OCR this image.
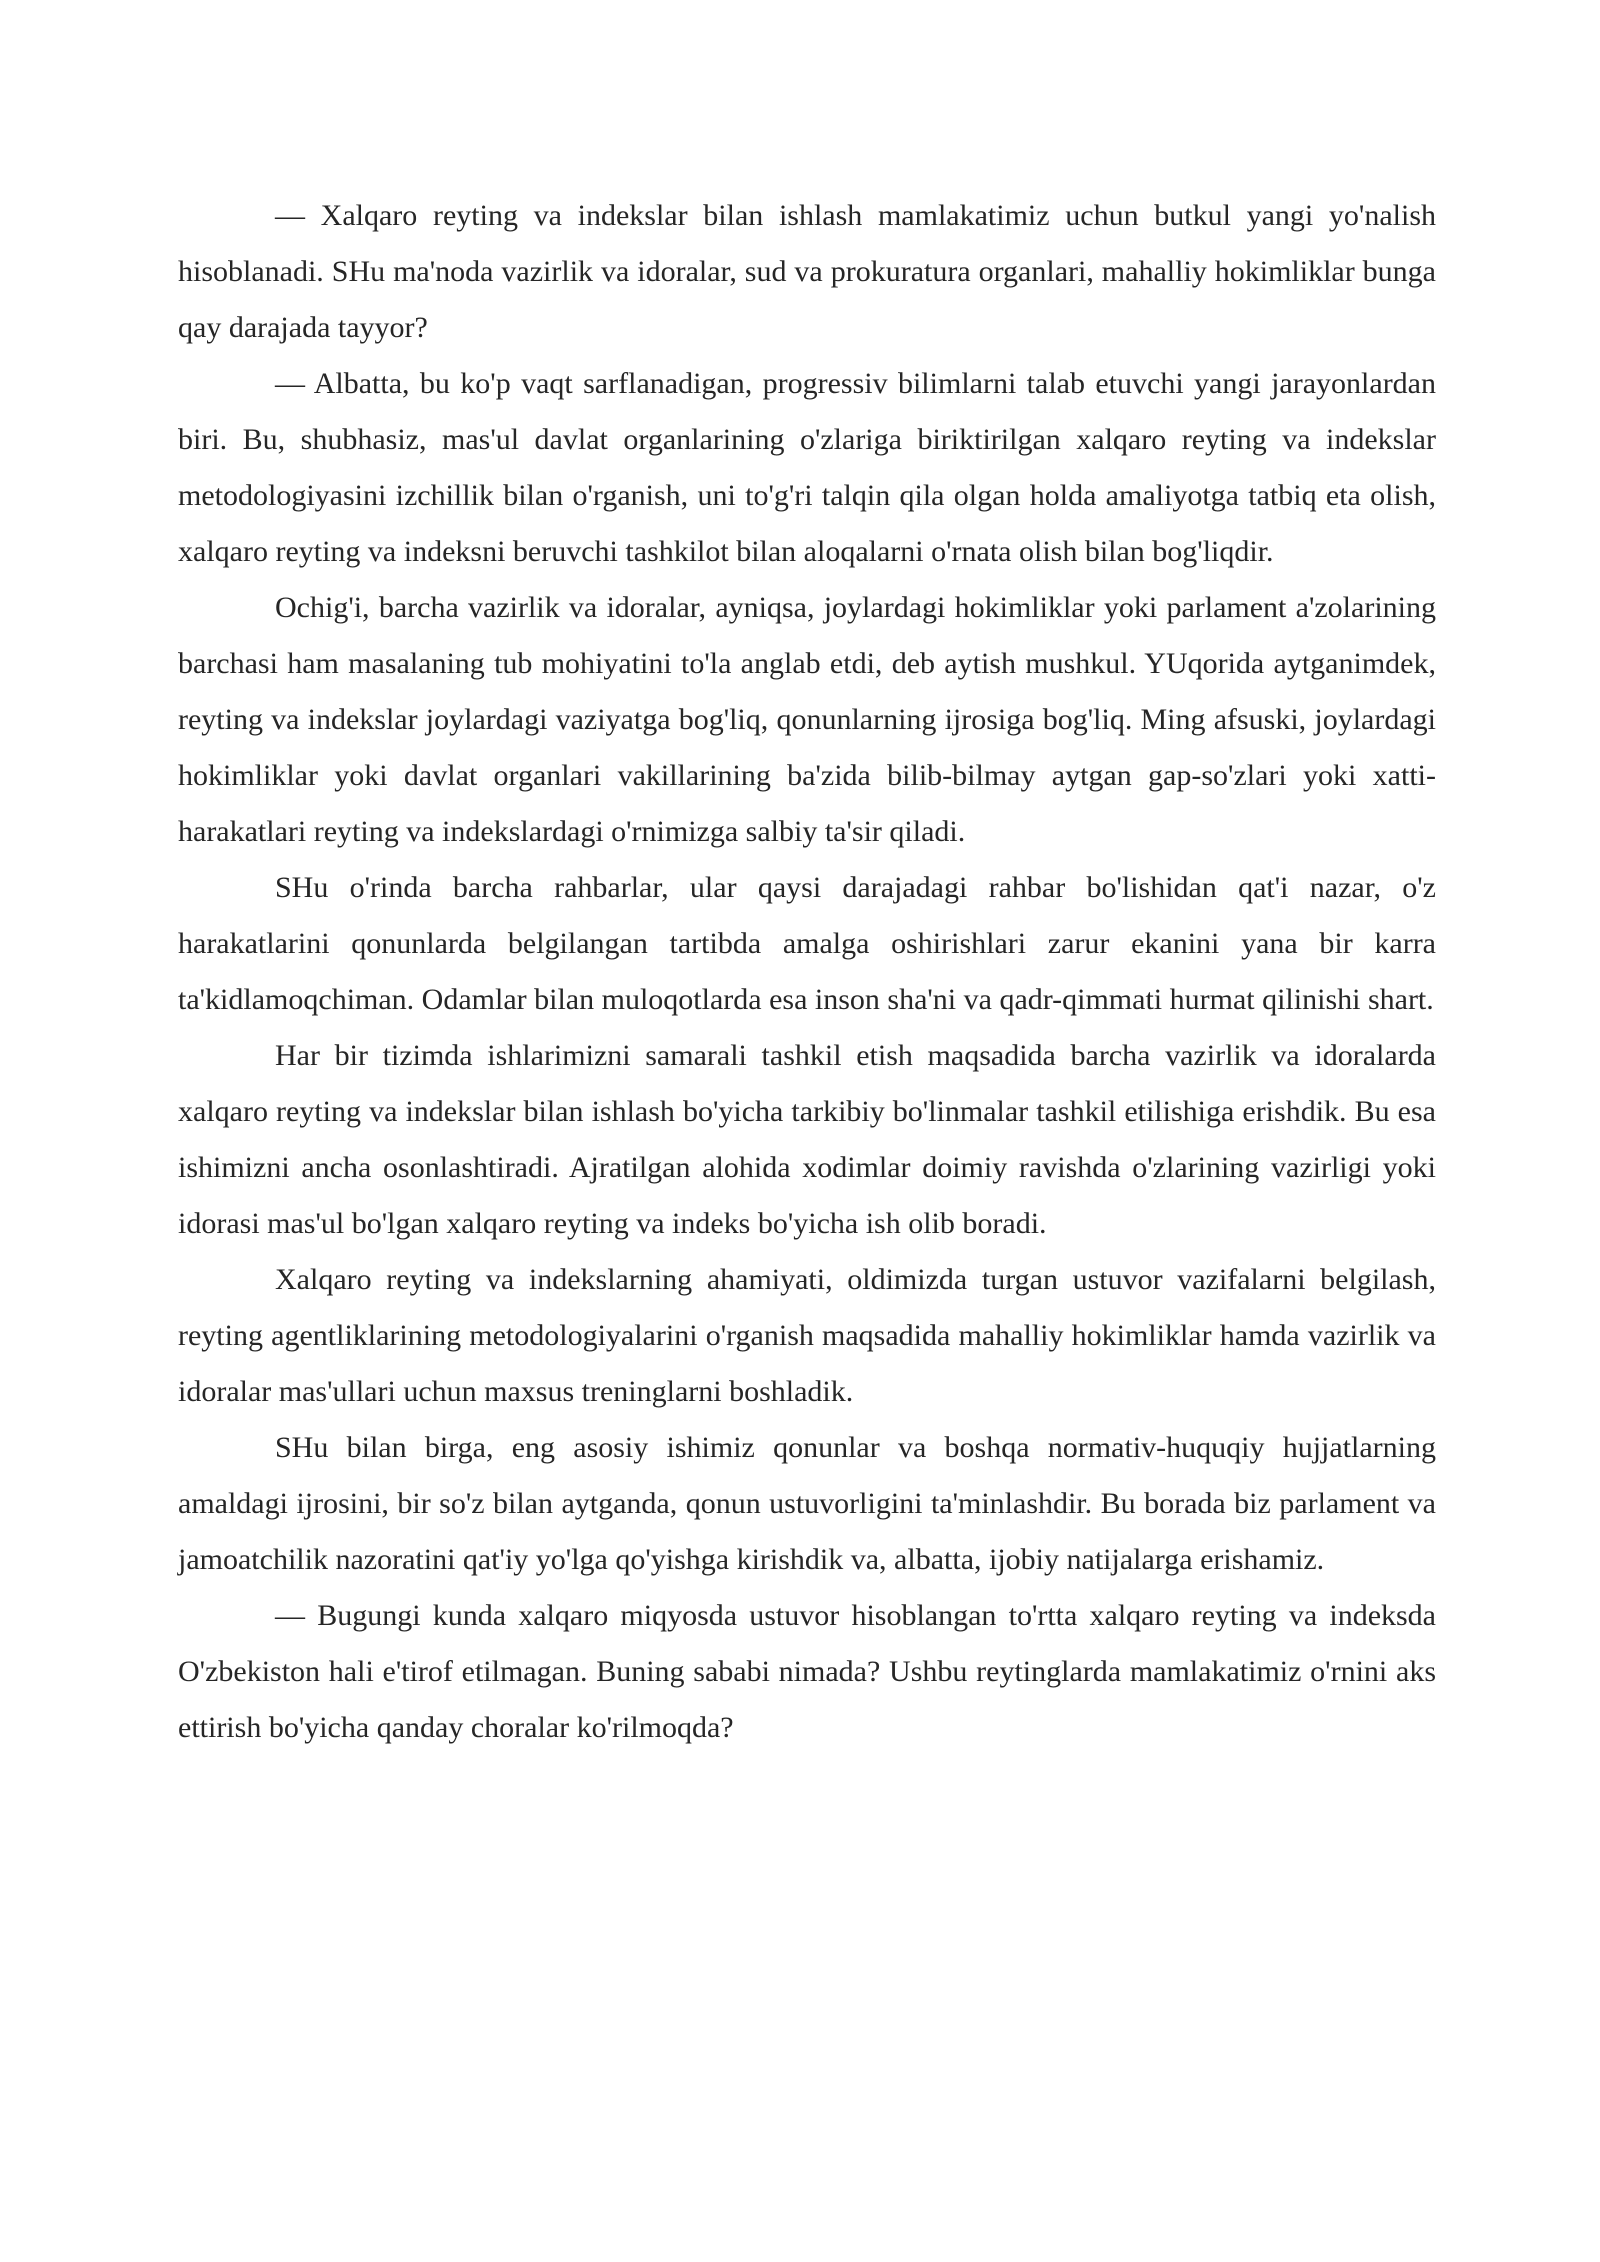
— Xalqaro reyting va indekslar bilan ishlash mamlakatimiz uchun butkul yangi yo'nalish hisoblanadi. SHu ma'noda vazirlik va idoralar, sud va prokuratura organlari, mahalliy hokimliklar bunga qay darajada tayyor?

— Albatta, bu ko'p vaqt sarflanadigan, progressiv bilimlarni talab etuvchi yangi jarayonlardan biri. Bu, shubhasiz, mas'ul davlat organlarining o'zlariga biriktirilgan xalqaro reyting va indekslar metodologiyasini izchillik bilan o'rganish, uni to'g'ri talqin qila olgan holda amaliyotga tatbiq eta olish, xalqaro reyting va indeksni beruvchi tashkilot bilan aloqalarni o'rnata olish bilan bog'liqdir.

Ochig'i, barcha vazirlik va idoralar, ayniqsa, joylardagi hokimliklar yoki parlament a'zolarining barchasi ham masalaning tub mohiyatini to'la anglab etdi, deb aytish mushkul. YUqorida aytganimdek, reyting va indekslar joylardagi vaziyatga bog'liq, qonunlarning ijrosiga bog'liq. Ming afsuski, joylardagi hokimliklar yoki davlat organlari vakillarining ba'zida bilib-bilmay aytgan gap-so'zlari yoki xatti-harakatlari reyting va indekslardagi o'rnimizga salbiy ta'sir qiladi.

SHu o'rinda barcha rahbarlar, ular qaysi darajadagi rahbar bo'lishidan qat'i nazar, o'z harakatlarini qonunlarda belgilangan tartibda amalga oshirishlari zarur ekanini yana bir karra ta'kidlamoqchiman. Odamlar bilan muloqotlarda esa inson sha'ni va qadr-qimmati hurmat qilinishi shart.

Har bir tizimda ishlarimizni samarali tashkil etish maqsadida barcha vazirlik va idoralarda xalqaro reyting va indekslar bilan ishlash bo'yicha tarkibiy bo'linmalar tashkil etilishiga erishdik. Bu esa ishimizni ancha osonlashtiradi. Ajratilgan alohida xodimlar doimiy ravishda o'zlarining vazirligi yoki idorasi mas'ul bo'lgan xalqaro reyting va indeks bo'yicha ish olib boradi.

Xalqaro reyting va indekslarning ahamiyati, oldimizda turgan ustuvor vazifalarni belgilash, reyting agentliklarining metodologiyalarini o'rganish maqsadida mahalliy hokimliklar hamda vazirlik va idoralar mas'ullari uchun maxsus treninglarni boshladik.

SHu bilan birga, eng asosiy ishimiz qonunlar va boshqa normativ-huquqiy hujjatlarning amaldagi ijrosini, bir so'z bilan aytganda, qonun ustuvorligini ta'minlashdir. Bu borada biz parlament va jamoatchilik nazoratini qat'iy yo'lga qo'yishga kirishdik va, albatta, ijobiy natijalarga erishamiz.

— Bugungi kunda xalqaro miqyosda ustuvor hisoblangan to'rtta xalqaro reyting va indeksda O'zbekiston hali e'tirof etilmagan. Buning sababi nimada? Ushbu reytinglarda mamlakatimiz o'rnini aks ettirish bo'yicha qanday choralar ko'rilmoqda?
